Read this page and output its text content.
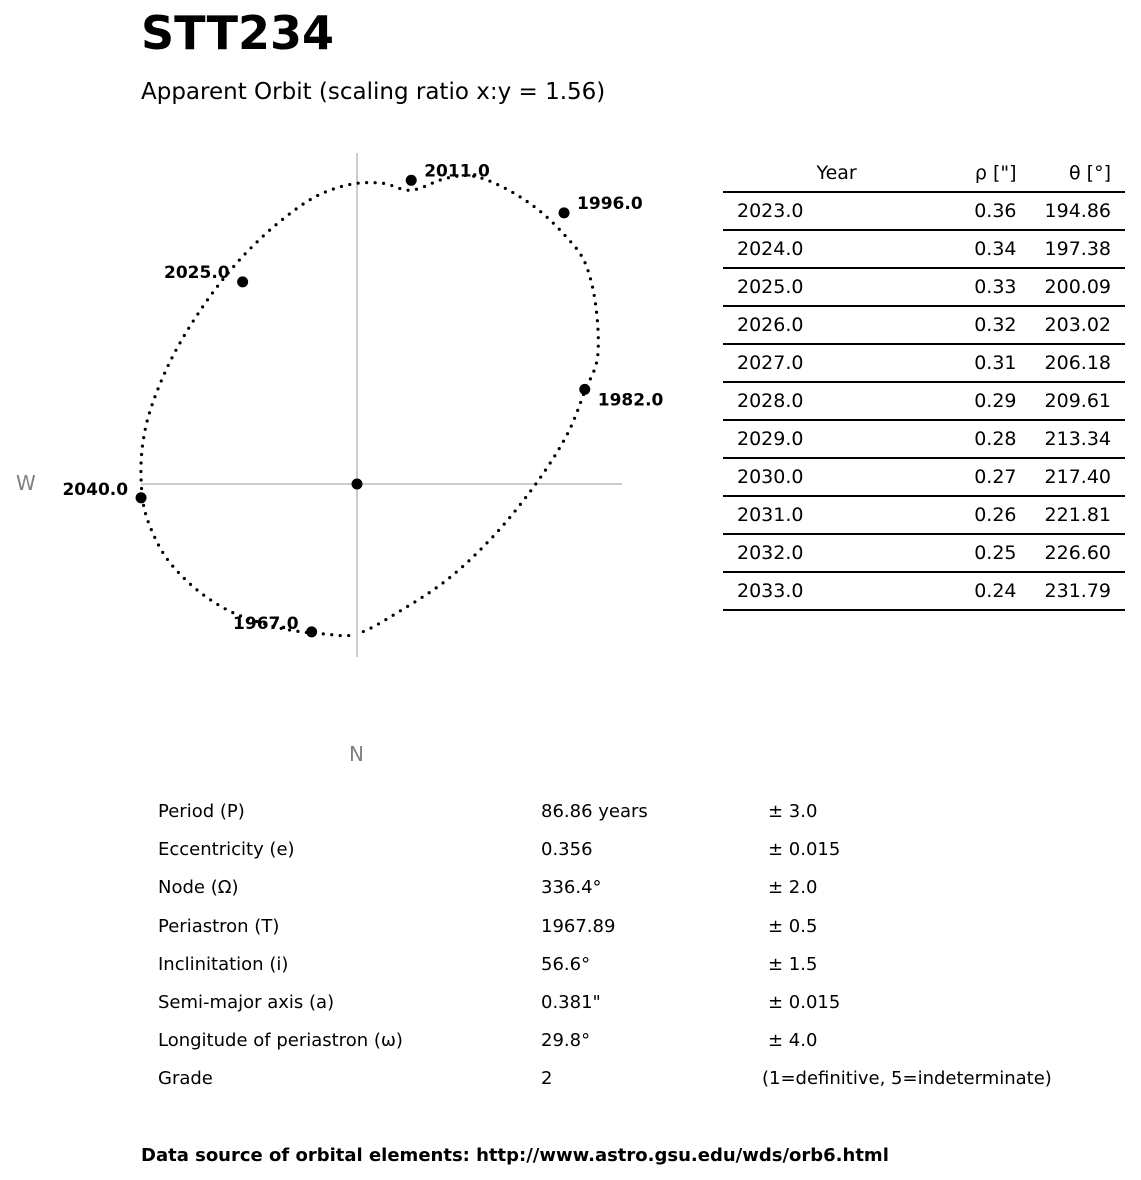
STT234
Apparent Orbit (scaling ratio x:y = 1.56)
W
N
2011.0
1996.0
2025.0
1982.0
2040.0
1967.0
Year	ρ ["]	θ [°]
2023.0	0.36	194.86
2024.0	0.34	197.38
2025.0	0.33	200.09
2026.0	0.32	203.02
2027.0	0.31	206.18
2028.0	0.29	209.61
2029.0	0.28	213.34
2030.0	0.27	217.40
2031.0	0.26	221.81
2032.0	0.25	226.60
2033.0	0.24	231.79
Period (P)	86.86 years	± 3.0
Eccentricity (e)	0.356	± 0.015
Node (Ω)	336.4°	± 2.0
Periastron (T)	1967.89	± 0.5
Inclinitation (i)	56.6°	± 1.5
Semi-major axis (a)	0.381"	± 0.015
Longitude of periastron (ω)	29.8°	± 4.0
Grade	2	(1=definitive, 5=indeterminate)
Data source of orbital elements: http://www.astro.gsu.edu/wds/orb6.html
